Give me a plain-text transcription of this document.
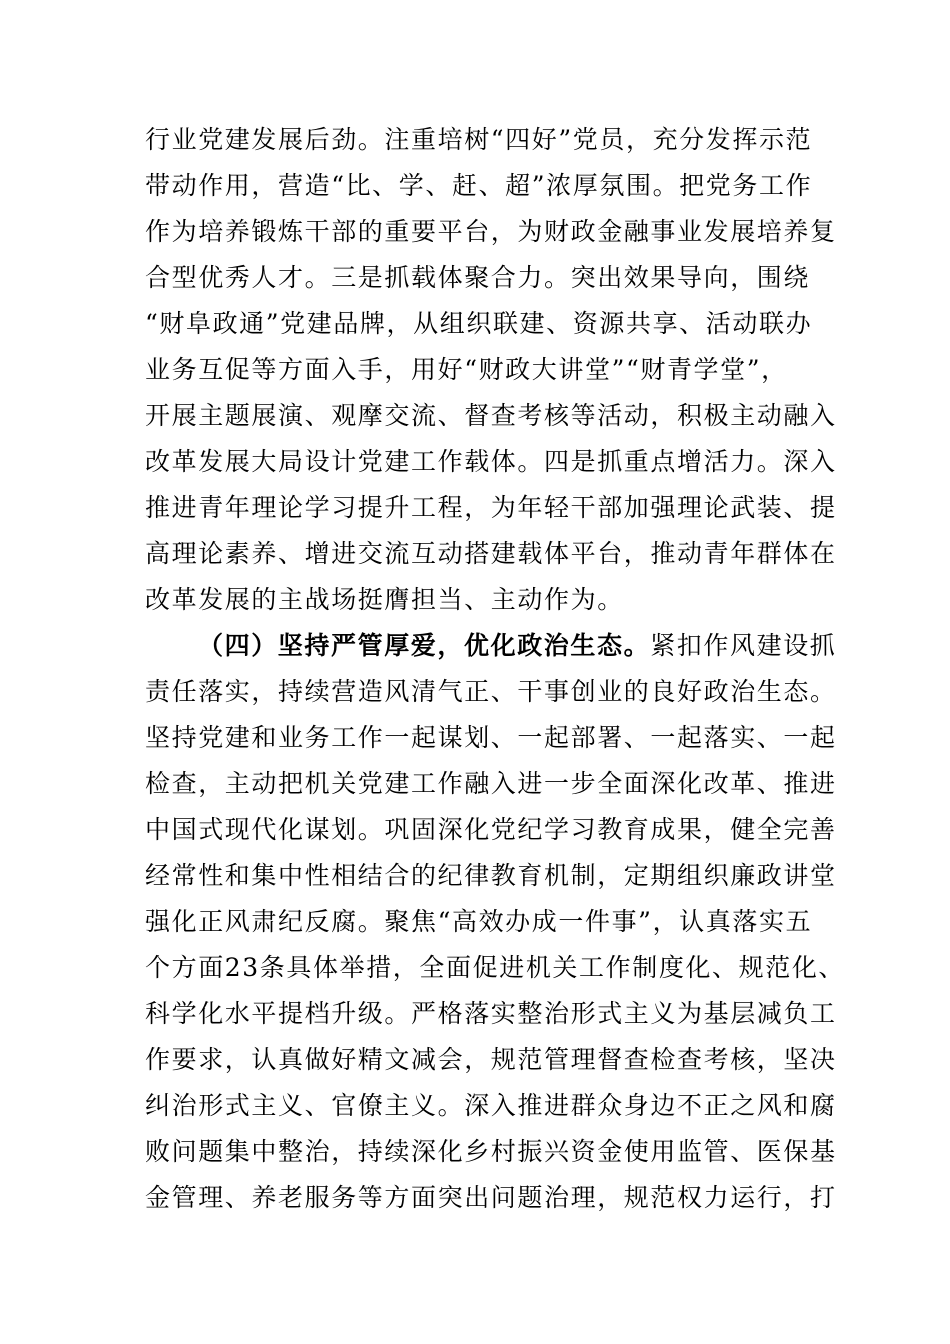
行业党建发展后劲。注重培树“四好”党员，充分发挥示范
带动作用，营造“比、学、赶、超”浓厚氛围。把党务工作
作为培养锻炼干部的重要平台，为财政金融事业发展培养复
合型优秀人才。三是抓载体聚合力。突出效果导向，围绕
“财阜政通”党建品牌，从组织联建、资源共享、活动联办
业务互促等方面入手，用好“财政大讲堂”“财青学堂”，
开展主题展演、观摩交流、督查考核等活动，积极主动融入
改革发展大局设计党建工作载体。四是抓重点增活力。深入
推进青年理论学习提升工程，为年轻干部加强理论武装、提
高理论素养、增进交流互动搭建载体平台，推动青年群体在
改革发展的主战场挺膺担当、主动作为。
（四）坚持严管厚爱，优化政治生态。紧扣作风建设抓
责任落实，持续营造风清气正、干事创业的良好政治生态。
坚持党建和业务工作一起谋划、一起部署、一起落实、一起
检查，主动把机关党建工作融入进一步全面深化改革、推进
中国式现代化谋划。巩固深化党纪学习教育成果，健全完善
经常性和集中性相结合的纪律教育机制，定期组织廉政讲堂
强化正风肃纪反腐。聚焦“高效办成一件事”，认真落实五
个方面23条具体举措，全面促进机关工作制度化、规范化、
科学化水平提档升级。严格落实整治形式主义为基层减负工
作要求，认真做好精文减会，规范管理督查检查考核，坚决
纠治形式主义、官僚主义。深入推进群众身边不正之风和腐
败问题集中整治，持续深化乡村振兴资金使用监管、医保基
金管理、养老服务等方面突出问题治理，规范权力运行，打
